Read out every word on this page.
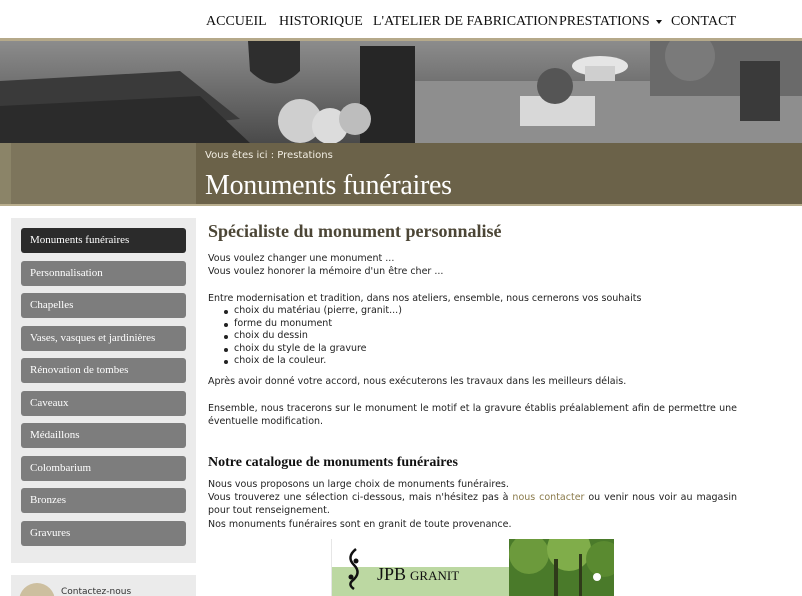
ACCUEIL HISTORIQUE L'ATELIER DE FABRICATION PRESTATIONS	CONTACT
Vous êtes ici : Prestations
Monuments funéraires
Monuments funéraires
Personnalisation
Chapelles
Vases, vasques et jardinières
Rénovation de tombes
Caveaux
Médaillons
Colombarium
Bronzes
Gravures
Contactez-nous
Spécialiste du monument personnalisé
Vous voulez changer une monument ...
Vous voulez honorer la mémoire d'un être cher ...
Entre modernisation et tradition, dans nos ateliers, ensemble, nous cernerons vos souhaits
choix du matériau (pierre, granit...)
forme du monument
choix du dessin
choix du style de la gravure
choix de la couleur.
Après avoir donné votre accord, nous exécuterons les travaux dans les meilleurs délais.
Ensemble, nous tracerons sur le monument le motif et la gravure établis préalablement afin de permettre une éventuelle modification.
Notre catalogue de monuments funéraires
Nous vous proposons un large choix de monuments funéraires.
Vous trouverez une sélection ci-dessous, mais n'hésitez pas à nous contacter ou venir nous voir au magasin pour tout renseignement.
Nos monuments funéraires sont en granit de toute provenance.
JPB GRANIT
